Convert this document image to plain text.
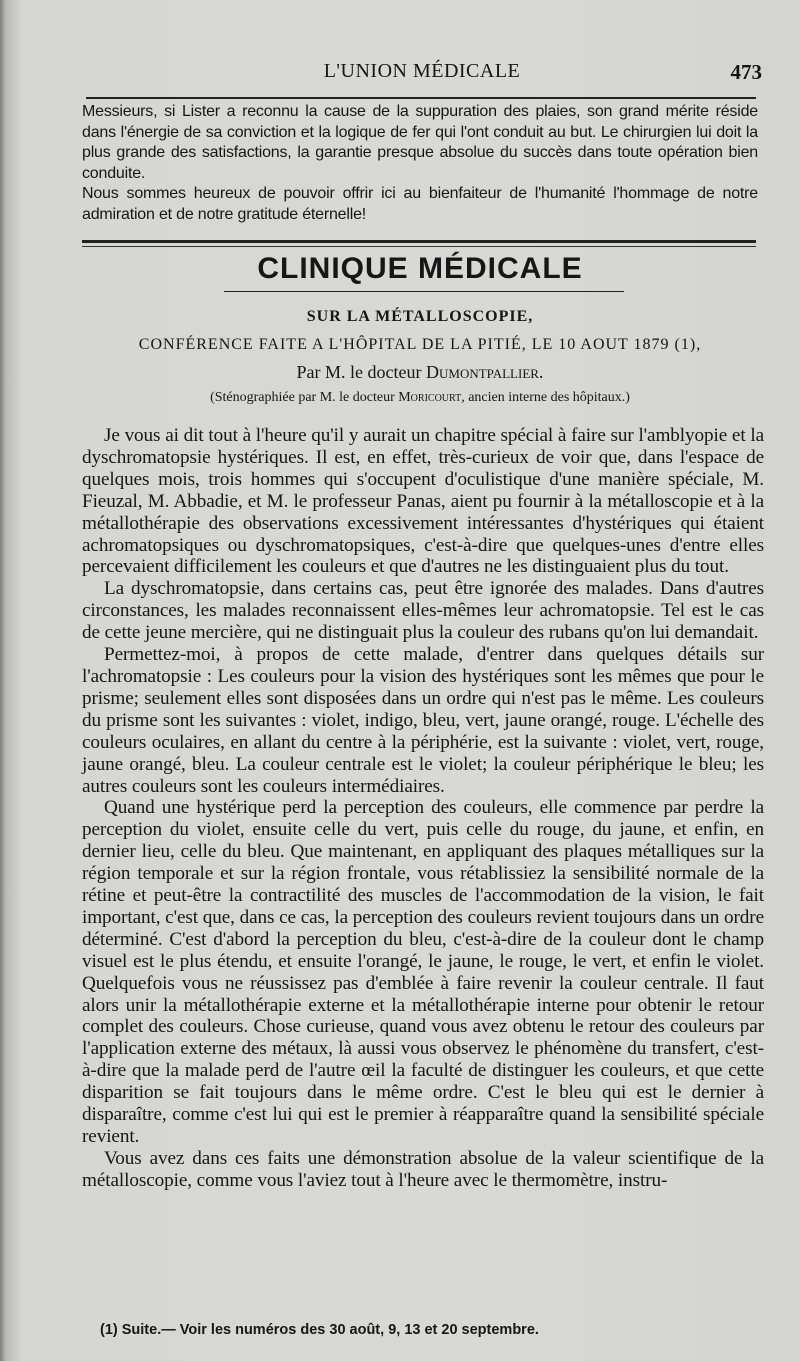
L'UNION MÉDICALE	473

Messieurs, si Lister a reconnu la cause de la suppuration des plaies, son grand mérite réside dans l'énergie de sa conviction et la logique de fer qui l'ont conduit au but. Le chirurgien lui doit la plus grande des satisfactions, la garantie presque absolue du succès dans toute opération bien conduite.

Nous sommes heureux de pouvoir offrir ici au bienfaiteur de l'humanité l'hommage de notre admiration et de notre gratitude éternelle!

CLINIQUE MÉDICALE
SUR LA MÉTALLOSCOPIE,
CONFÉRENCE FAITE A L'HÔPITAL DE LA PITIÉ, LE 10 AOUT 1879 (1),
Par M. le docteur Dumontpallier.
(Sténographiée par M. le docteur Moricourt, ancien interne des hôpitaux.)

Je vous ai dit tout à l'heure qu'il y aurait un chapitre spécial à faire sur l'amblyopie et la dyschromatopsie hystériques. Il est, en effet, très-curieux de voir que, dans l'espace de quelques mois, trois hommes qui s'occupent d'oculistique d'une manière spéciale, M. Fieuzal, M. Abbadie, et M. le professeur Panas, aient pu fournir à la métalloscopie et à la métallothérapie des observations excessivement intéressantes d'hystériques qui étaient achromatopsiques ou dyschromatopsiques, c'est-à-dire que quelques-unes d'entre elles percevaient difficilement les couleurs et que d'autres ne les distinguaient plus du tout.

La dyschromatopsie, dans certains cas, peut être ignorée des malades. Dans d'autres circonstances, les malades reconnaissent elles-mêmes leur achromatopsie. Tel est le cas de cette jeune mercière, qui ne distinguait plus la couleur des rubans qu'on lui demandait.

Permettez-moi, à propos de cette malade, d'entrer dans quelques détails sur l'achromatopsie : Les couleurs pour la vision des hystériques sont les mêmes que pour le prisme; seulement elles sont disposées dans un ordre qui n'est pas le même. Les couleurs du prisme sont les suivantes : violet, indigo, bleu, vert, jaune orangé, rouge. L'échelle des couleurs oculaires, en allant du centre à la périphérie, est la suivante : violet, vert, rouge, jaune orangé, bleu. La couleur centrale est le violet; la couleur périphérique le bleu; les autres couleurs sont les couleurs intermédiaires.

Quand une hystérique perd la perception des couleurs, elle commence par perdre la perception du violet, ensuite celle du vert, puis celle du rouge, du jaune, et enfin, en dernier lieu, celle du bleu. Que maintenant, en appliquant des plaques métalliques sur la région temporale et sur la région frontale, vous rétablissiez la sensibilité normale de la rétine et peut-être la contractilité des muscles de l'accommodation de la vision, le fait important, c'est que, dans ce cas, la perception des couleurs revient toujours dans un ordre déterminé. C'est d'abord la perception du bleu, c'est-à-dire de la couleur dont le champ visuel est le plus étendu, et ensuite l'orangé, le jaune, le rouge, le vert, et enfin le violet. Quelquefois vous ne réussissez pas d'emblée à faire revenir la couleur centrale. Il faut alors unir la métallothérapie externe et la métallothérapie interne pour obtenir le retour complet des couleurs. Chose curieuse, quand vous avez obtenu le retour des couleurs par l'application externe des métaux, là aussi vous observez le phénomène du transfert, c'est-à-dire que la malade perd de l'autre œil la faculté de distinguer les couleurs, et que cette disparition se fait toujours dans le même ordre. C'est le bleu qui est le dernier à disparaître, comme c'est lui qui est le premier à réapparaître quand la sensibilité spéciale revient.

Vous avez dans ces faits une démonstration absolue de la valeur scientifique de la métalloscopie, comme vous l'aviez tout à l'heure avec le thermomètre, instru-

(1) Suite.— Voir les numéros des 30 août, 9, 13 et 20 septembre.
